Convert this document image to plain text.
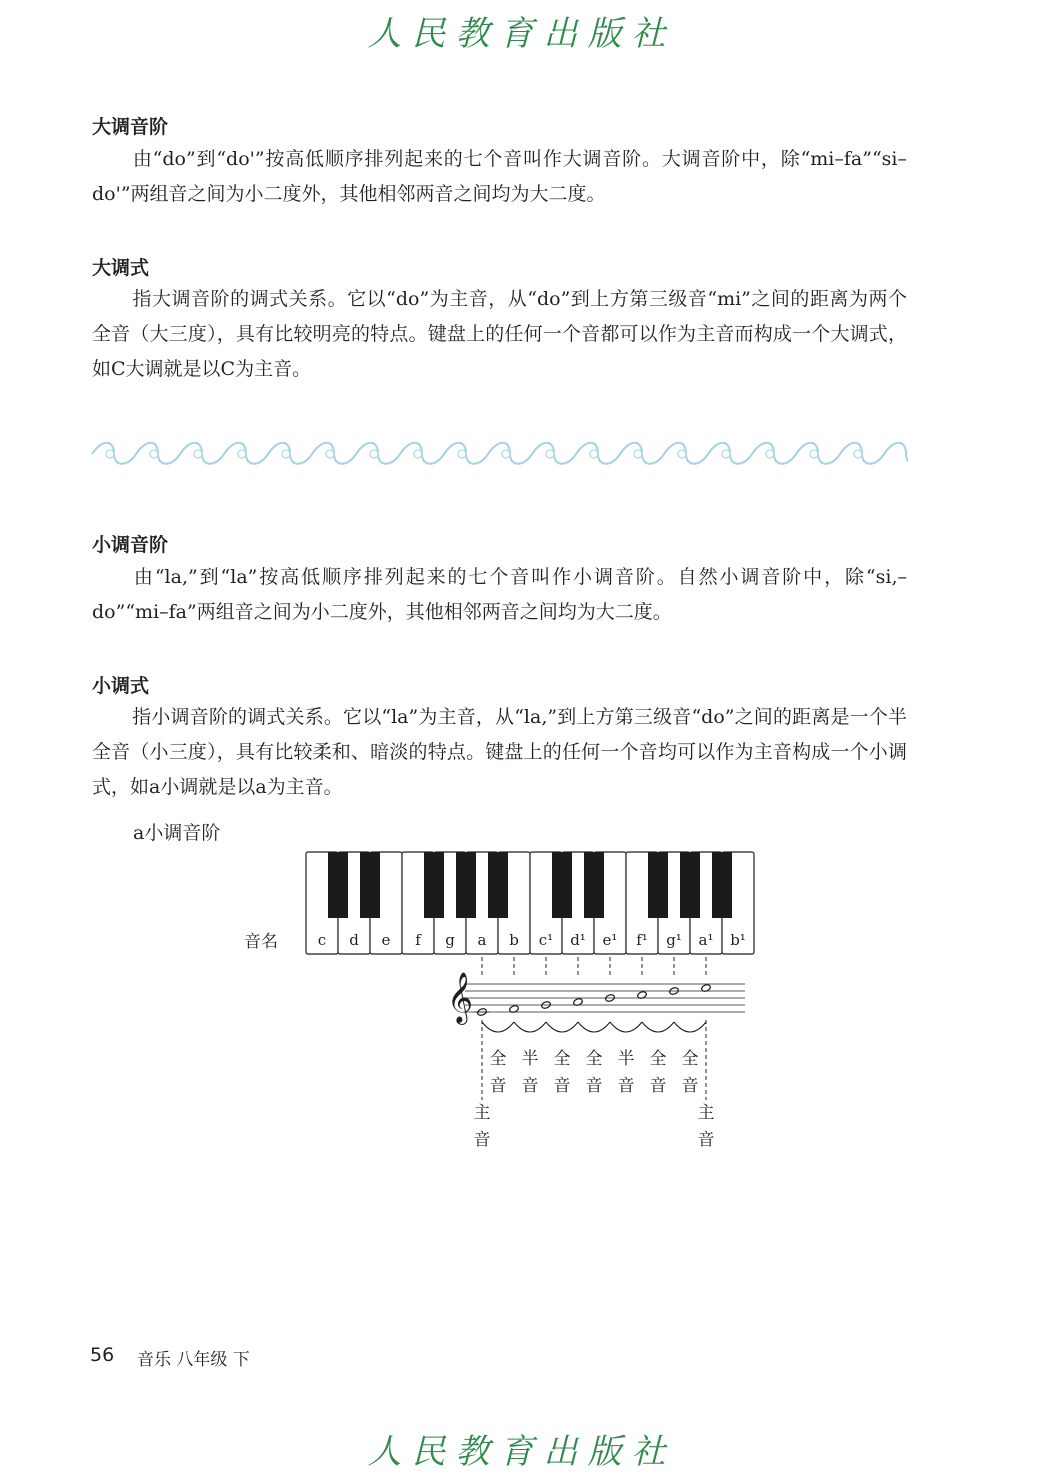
人民教育出版社
大调音阶
由“do”到“do'”按高低顺序排列起来的七个音叫作大调音阶。大调音阶中，除“mi–fa”“si–do'”两组音之间为小二度外，其他相邻两音之间均为大二度。
大调式
指大调音阶的调式关系。它以“do”为主音，从“do”到上方第三级音“mi”之间的距离为两个全音（大三度），具有比较明亮的特点。键盘上的任何一个音都可以作为主音而构成一个大调式，如C大调就是以C为主音。
小调音阶
由“la,”到“la”按高低顺序排列起来的七个音叫作小调音阶。自然小调音阶中，除“si,–do”“mi–fa”两组音之间为小二度外，其他相邻两音之间均为大二度。
小调式
指小调音阶的调式关系。它以“la”为主音，从“la,”到上方第三级音“do”之间的距离是一个半全音（小三度），具有比较柔和、暗淡的特点。键盘上的任何一个音均可以作为主音构成一个小调式，如a小调就是以a为主音。
a小调音阶
音名	c d e f g a b c¹ d¹ e¹ f¹ g¹ a¹ b¹
𝄞
全
音
半
音
全
音
全
音
半
音
全
音
全
音
主
音
主
音
56 音乐 八年级 下
人民教育出版社
